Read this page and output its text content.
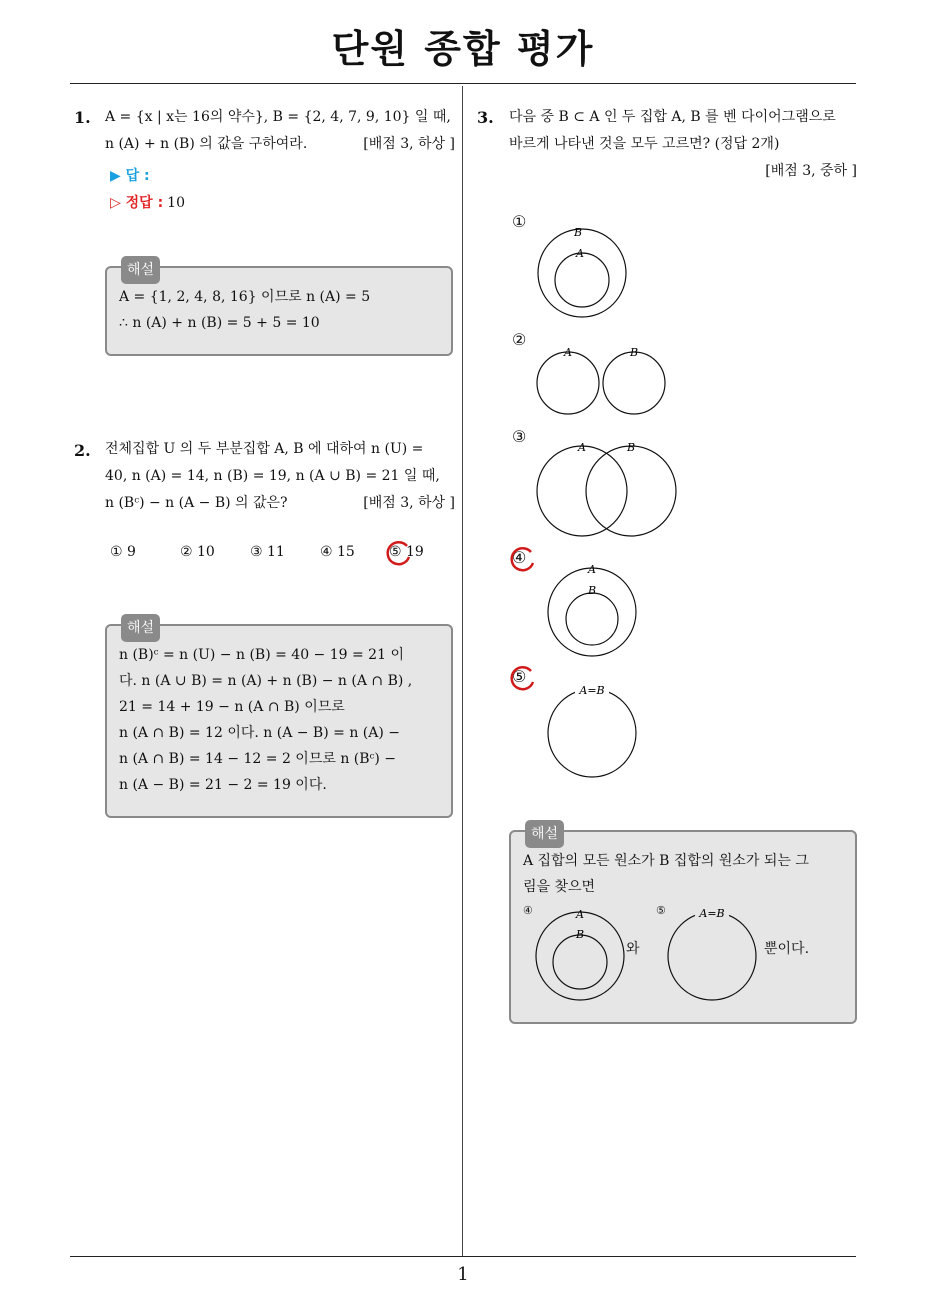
단원 종합 평가
1. A = {x | x는 16의 약수}, B = {2, 4, 7, 9, 10} 일 때,
n (A) + n (B) 의 값을 구하여라.	[배점 3, 하상 ]
▶ 답 :
▷ 정답 : 10
해설
A = {1, 2, 4, 8, 16} 이므로 n (A) = 5
∴ n (A) + n (B) = 5 + 5 = 10
2. 전체집합 U 의 두 부분집합 A, B 에 대하여 n (U) =
40, n (A) = 14, n (B) = 19, n (A ∪ B) = 21 일 때,
n (Bᶜ) − n (A − B) 의 값은?	[배점 3, 하상 ]
① 9	② 10	③ 11	④ 15 ⑤ 19
해설
n (B)ᶜ = n (U) − n (B) = 40 − 19 = 21 이
다. n (A ∪ B) = n (A) + n (B) − n (A ∩ B) ,
21 = 14 + 19 − n (A ∩ B) 이므로
n (A ∩ B) = 12 이다. n (A − B) = n (A) −
n (A ∩ B) = 14 − 12 = 2 이므로 n (Bᶜ) −
n (A − B) = 21 − 2 = 19 이다.
3. 다음 중 B ⊂ A 인 두 집합 A, B 를 벤 다이어그램으로
바르게 나타낸 것을 모두 고르면? (정답 2개)
[배점 3, 중하 ]
①
②
③
④
⑤
B
A
A	B
A	B
A
B
A=B
해설
A 집합의 모든 원소가 B 집합의 원소가 되는 그
림을 찾으면
④	⑤
A
B
와
A=B
뿐이다.
1
